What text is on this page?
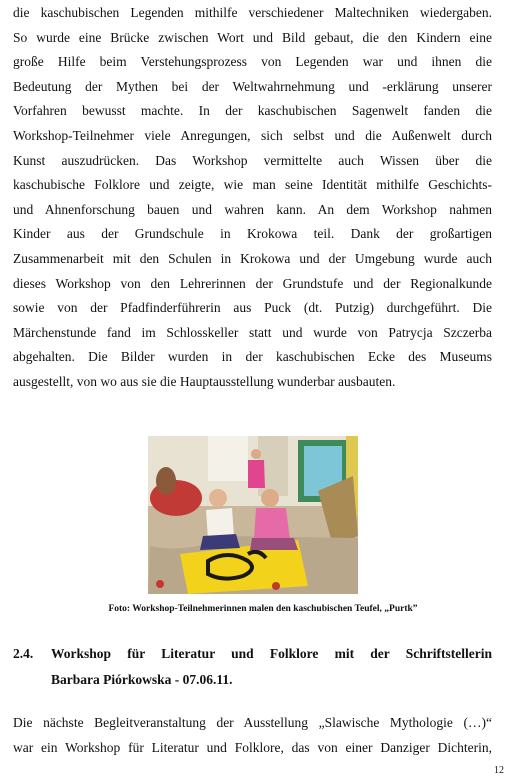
die kaschubischen Legenden mithilfe verschiedener Maltechniken wiedergaben.
So wurde eine Brücke zwischen Wort und Bild gebaut, die den Kindern eine
große Hilfe beim Verstehungsprozess von Legenden war und ihnen die
Bedeutung der Mythen bei der Weltwahrnehmung und -erklärung unserer
Vorfahren bewusst machte. In der kaschubischen Sagenwelt fanden die
Workshop-Teilnehmer viele Anregungen, sich selbst und die Außenwelt durch
Kunst auszudrücken. Das Workshop vermittelte auch Wissen über die
kaschubische Folklore und zeigte, wie man seine Identität mithilfe Geschichts-
und Ahnenforschung bauen und wahren kann. An dem Workshop nahmen
Kinder aus der Grundschule in Krokowa teil. Dank der großartigen
Zusammenarbeit mit den Schulen in Krokowa und der Umgebung wurde auch
dieses Workshop von den Lehrerinnen der Grundstufe und der Regionalkunde
sowie von der Pfadfinderführerin aus Puck (dt. Putzig) durchgeführt. Die
Märchenstunde fand im Schlosskeller statt und wurde von Patrycja Szczerba
abgehalten. Die Bilder wurden in der kaschubischen Ecke des Museums
ausgestellt, von wo aus sie die Hauptausstellung wunderbar ausbauten.
Foto: Workshop-Teilnehmerinnen malen den kaschubischen Teufel, „Purtk”
2.4. Workshop für Literatur und Folklore mit der Schriftstellerin
Barbara Piórkowska - 07.06.11.
Die nächste Begleitveranstaltung der Ausstellung „Slawische Mythologie (…)“
war ein Workshop für Literatur und Folklore, das von einer Danziger Dichterin,
12
